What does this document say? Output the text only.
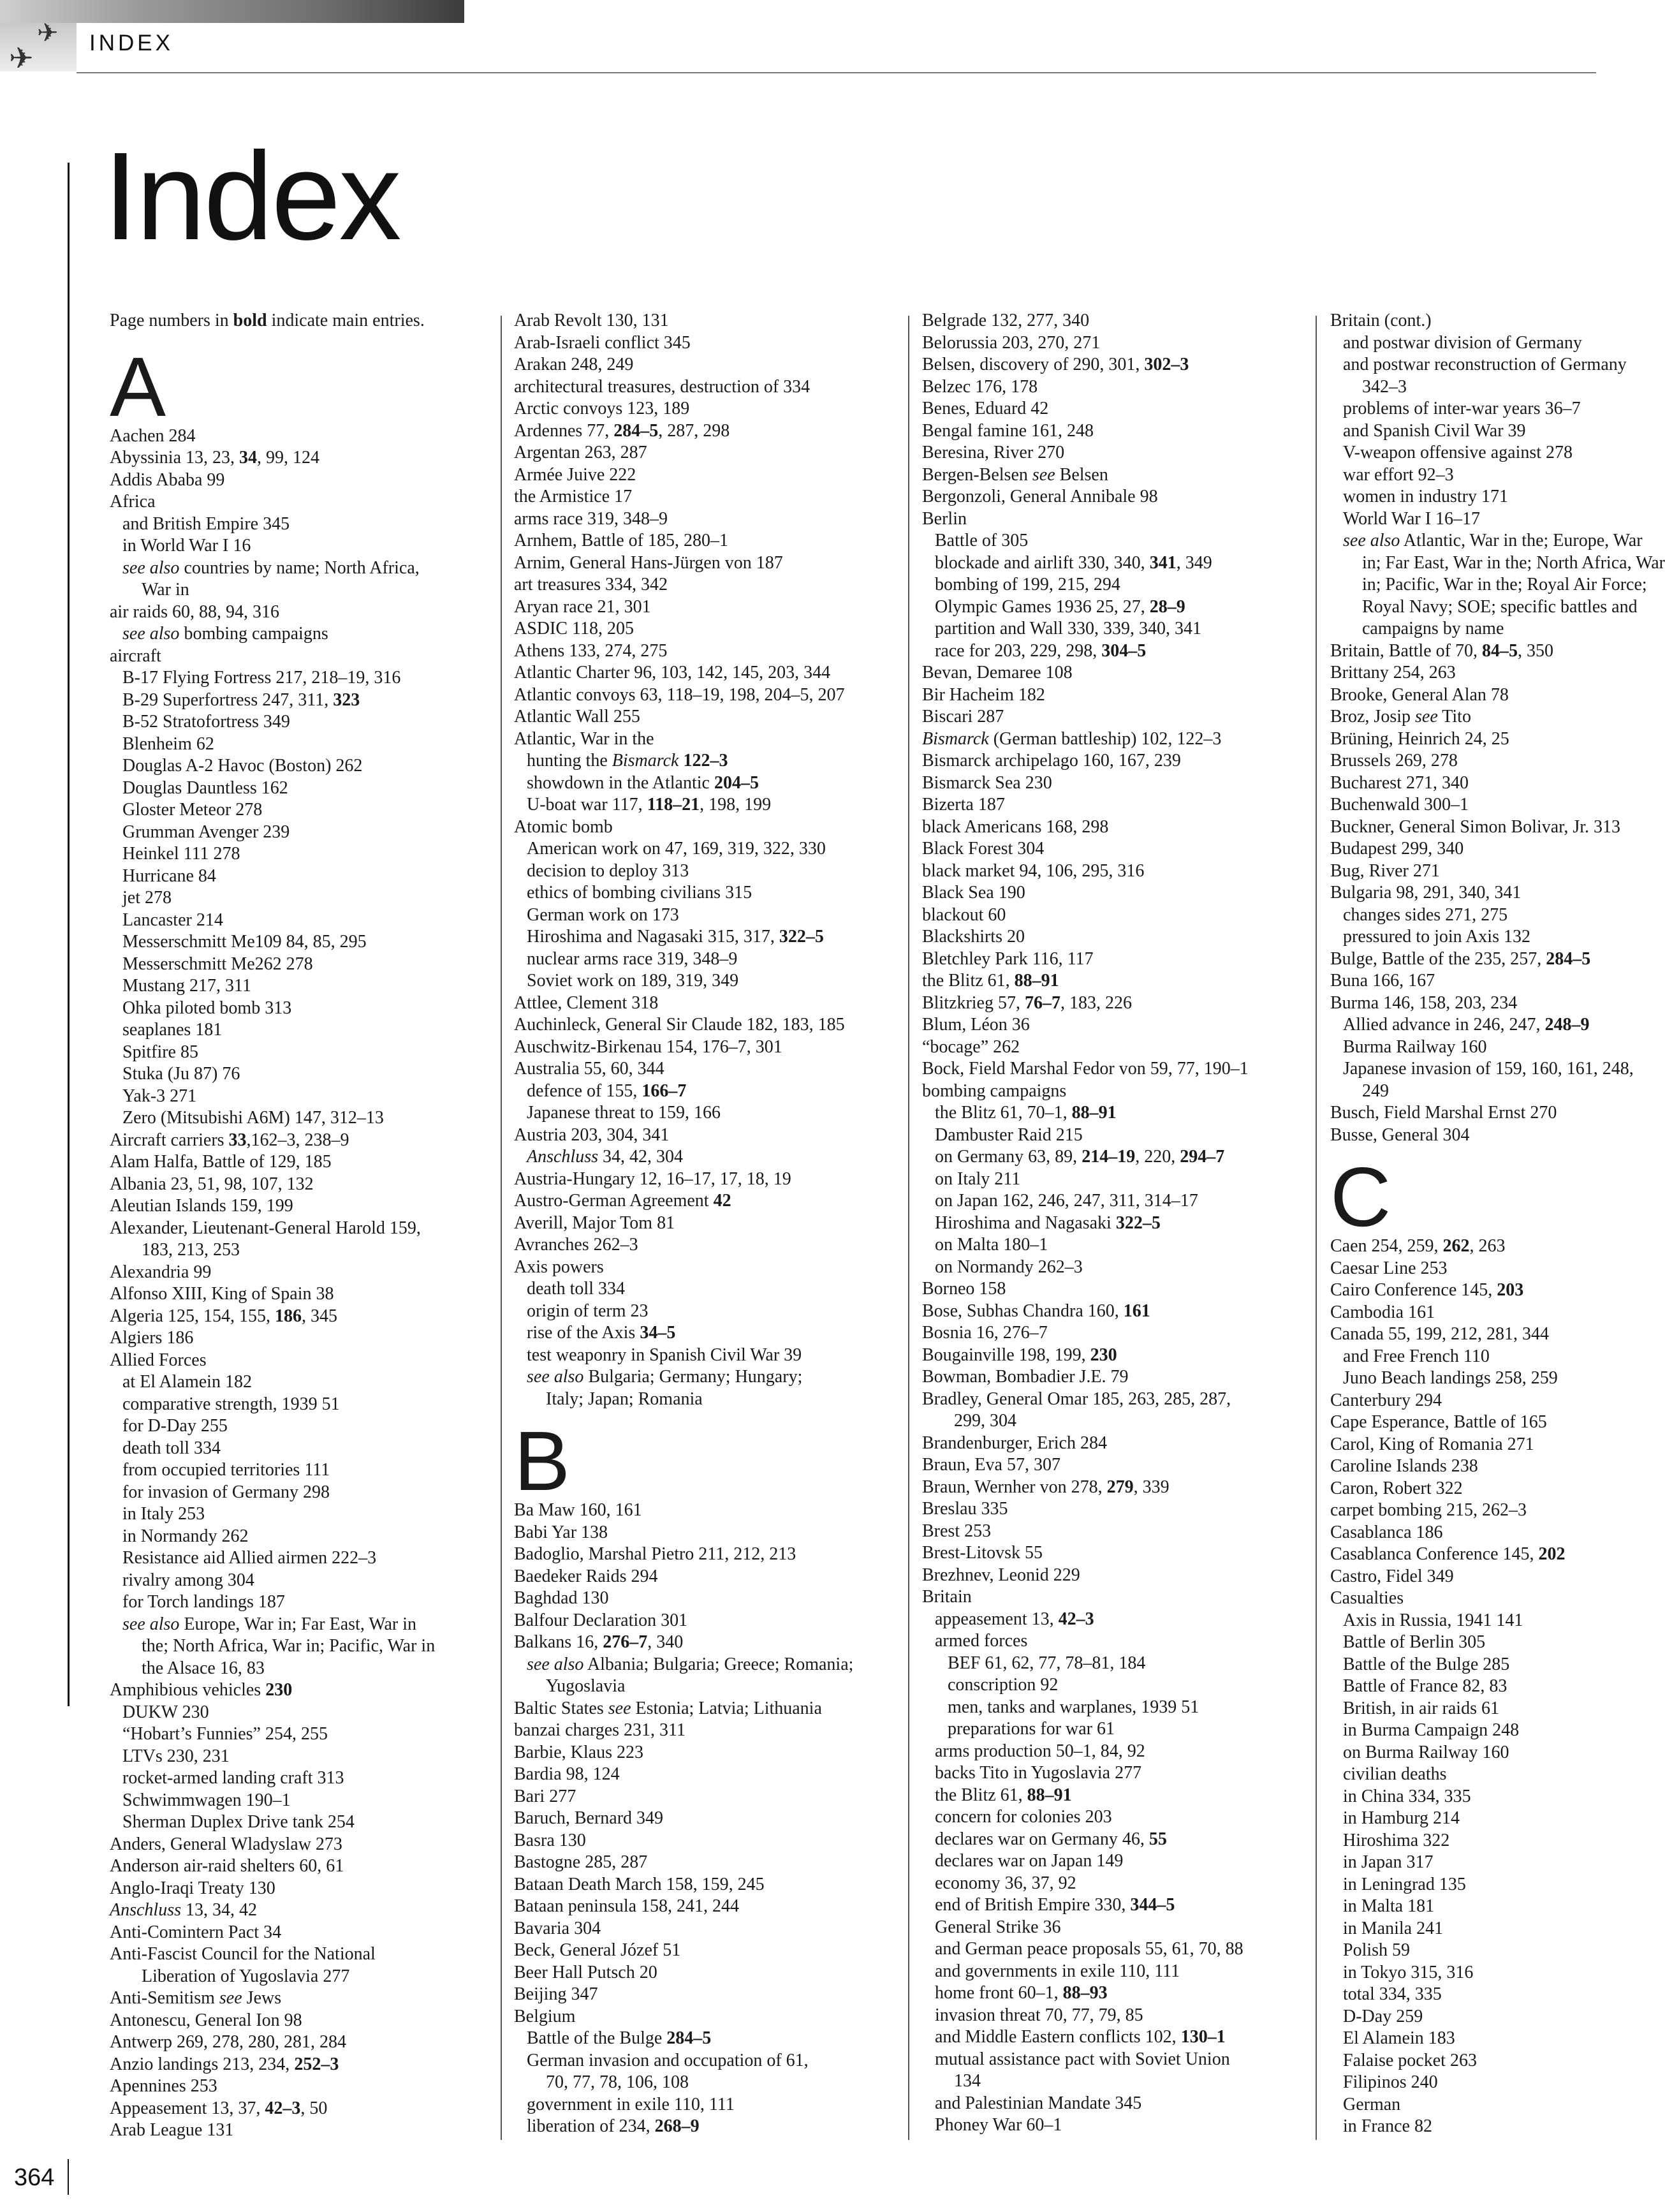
✈
✈ INDEX
Index
Page numbers in bold indicate main entries.
A
Aachen 284
Abyssinia 13, 23, 34, 99, 124
Addis Ababa 99
Africa
and British Empire 345
in World War I 16
see also countries by name; North Africa,
War in
air raids 60, 88, 94, 316
see also bombing campaigns
aircraft
B-17 Flying Fortress 217, 218–19, 316
B-29 Superfortress 247, 311, 323
B-52 Stratofortress 349
Blenheim 62
Douglas A-2 Havoc (Boston) 262
Douglas Dauntless 162
Gloster Meteor 278
Grumman Avenger 239
Heinkel 111 278
Hurricane 84
jet 278
Lancaster 214
Messerschmitt Me109 84, 85, 295
Messerschmitt Me262 278
Mustang 217, 311
Ohka piloted bomb 313
seaplanes 181
Spitfire 85
Stuka (Ju 87) 76
Yak-3 271
Zero (Mitsubishi A6M) 147, 312–13
Aircraft carriers 33,162–3, 238–9
Alam Halfa, Battle of 129, 185
Albania 23, 51, 98, 107, 132
Aleutian Islands 159, 199
Alexander, Lieutenant-General Harold 159,
183, 213, 253
Alexandria 99
Alfonso XIII, King of Spain 38
Algeria 125, 154, 155, 186, 345
Algiers 186
Allied Forces
at El Alamein 182
comparative strength, 1939 51
for D-Day 255
death toll 334
from occupied territories 111
for invasion of Germany 298
in Italy 253
in Normandy 262
Resistance aid Allied airmen 222–3
rivalry among 304
for Torch landings 187
see also Europe, War in; Far East, War in
the; North Africa, War in; Pacific, War in
the Alsace 16, 83
Amphibious vehicles 230
DUKW 230
“Hobart’s Funnies” 254, 255
LTVs 230, 231
rocket-armed landing craft 313
Schwimmwagen 190–1
Sherman Duplex Drive tank 254
Anders, General Wladyslaw 273
Anderson air-raid shelters 60, 61
Anglo-Iraqi Treaty 130
Anschluss 13, 34, 42
Anti-Comintern Pact 34
Anti-Fascist Council for the National
Liberation of Yugoslavia 277
Anti-Semitism see Jews
Antonescu, General Ion 98
Antwerp 269, 278, 280, 281, 284
Anzio landings 213, 234, 252–3
Apennines 253
Appeasement 13, 37, 42–3, 50
Arab League 131
Arab Revolt 130, 131
Arab-Israeli conflict 345
Arakan 248, 249
architectural treasures, destruction of 334
Arctic convoys 123, 189
Ardennes 77, 284–5, 287, 298
Argentan 263, 287
Armée Juive 222
the Armistice 17
arms race 319, 348–9
Arnhem, Battle of 185, 280–1
Arnim, General Hans-Jürgen von 187
art treasures 334, 342
Aryan race 21, 301
ASDIC 118, 205
Athens 133, 274, 275
Atlantic Charter 96, 103, 142, 145, 203, 344
Atlantic convoys 63, 118–19, 198, 204–5, 207
Atlantic Wall 255
Atlantic, War in the
hunting the Bismarck 122–3
showdown in the Atlantic 204–5
U-boat war 117, 118–21, 198, 199
Atomic bomb
American work on 47, 169, 319, 322, 330
decision to deploy 313
ethics of bombing civilians 315
German work on 173
Hiroshima and Nagasaki 315, 317, 322–5
nuclear arms race 319, 348–9
Soviet work on 189, 319, 349
Attlee, Clement 318
Auchinleck, General Sir Claude 182, 183, 185
Auschwitz-Birkenau 154, 176–7, 301
Australia 55, 60, 344
defence of 155, 166–7
Japanese threat to 159, 166
Austria 203, 304, 341
Anschluss 34, 42, 304
Austria-Hungary 12, 16–17, 17, 18, 19
Austro-German Agreement 42
Averill, Major Tom 81
Avranches 262–3
Axis powers
death toll 334
origin of term 23
rise of the Axis 34–5
test weaponry in Spanish Civil War 39
see also Bulgaria; Germany; Hungary;
Italy; Japan; Romania
B
Ba Maw 160, 161
Babi Yar 138
Badoglio, Marshal Pietro 211, 212, 213
Baedeker Raids 294
Baghdad 130
Balfour Declaration 301
Balkans 16, 276–7, 340
see also Albania; Bulgaria; Greece; Romania;
Yugoslavia
Baltic States see Estonia; Latvia; Lithuania
banzai charges 231, 311
Barbie, Klaus 223
Bardia 98, 124
Bari 277
Baruch, Bernard 349
Basra 130
Bastogne 285, 287
Bataan Death March 158, 159, 245
Bataan peninsula 158, 241, 244
Bavaria 304
Beck, General Józef 51
Beer Hall Putsch 20
Beijing 347
Belgium
Battle of the Bulge 284–5
German invasion and occupation of 61,
70, 77, 78, 106, 108
government in exile 110, 111
liberation of 234, 268–9
Belgrade 132, 277, 340
Belorussia 203, 270, 271
Belsen, discovery of 290, 301, 302–3
Belzec 176, 178
Benes, Eduard 42
Bengal famine 161, 248
Beresina, River 270
Bergen-Belsen see Belsen
Bergonzoli, General Annibale 98
Berlin
Battle of 305
blockade and airlift 330, 340, 341, 349
bombing of 199, 215, 294
Olympic Games 1936 25, 27, 28–9
partition and Wall 330, 339, 340, 341
race for 203, 229, 298, 304–5
Bevan, Demaree 108
Bir Hacheim 182
Biscari 287
Bismarck (German battleship) 102, 122–3
Bismarck archipelago 160, 167, 239
Bismarck Sea 230
Bizerta 187
black Americans 168, 298
Black Forest 304
black market 94, 106, 295, 316
Black Sea 190
blackout 60
Blackshirts 20
Bletchley Park 116, 117
the Blitz 61, 88–91
Blitzkrieg 57, 76–7, 183, 226
Blum, Léon 36
“bocage” 262
Bock, Field Marshal Fedor von 59, 77, 190–1
bombing campaigns
the Blitz 61, 70–1, 88–91
Dambuster Raid 215
on Germany 63, 89, 214–19, 220, 294–7
on Italy 211
on Japan 162, 246, 247, 311, 314–17
Hiroshima and Nagasaki 322–5
on Malta 180–1
on Normandy 262–3
Borneo 158
Bose, Subhas Chandra 160, 161
Bosnia 16, 276–7
Bougainville 198, 199, 230
Bowman, Bombadier J.E. 79
Bradley, General Omar 185, 263, 285, 287,
299, 304
Brandenburger, Erich 284
Braun, Eva 57, 307
Braun, Wernher von 278, 279, 339
Breslau 335
Brest 253
Brest-Litovsk 55
Brezhnev, Leonid 229
Britain
appeasement 13, 42–3
armed forces
BEF 61, 62, 77, 78–81, 184
conscription 92
men, tanks and warplanes, 1939 51
preparations for war 61
arms production 50–1, 84, 92
backs Tito in Yugoslavia 277
the Blitz 61, 88–91
concern for colonies 203
declares war on Germany 46, 55
declares war on Japan 149
economy 36, 37, 92
end of British Empire 330, 344–5
General Strike 36
and German peace proposals 55, 61, 70, 88
and governments in exile 110, 111
home front 60–1, 88–93
invasion threat 70, 77, 79, 85
and Middle Eastern conflicts 102, 130–1
mutual assistance pact with Soviet Union
134
and Palestinian Mandate 345
Phoney War 60–1
Britain (cont.)
and postwar division of Germany
and postwar reconstruction of Germany
342–3
problems of inter-war years 36–7
and Spanish Civil War 39
V-weapon offensive against 278
war effort 92–3
women in industry 171
World War I 16–17
see also Atlantic, War in the; Europe, War
in; Far East, War in the; North Africa, War
in; Pacific, War in the; Royal Air Force;
Royal Navy; SOE; specific battles and
campaigns by name
Britain, Battle of 70, 84–5, 350
Brittany 254, 263
Brooke, General Alan 78
Broz, Josip see Tito
Brüning, Heinrich 24, 25
Brussels 269, 278
Bucharest 271, 340
Buchenwald 300–1
Buckner, General Simon Bolivar, Jr. 313
Budapest 299, 340
Bug, River 271
Bulgaria 98, 291, 340, 341
changes sides 271, 275
pressured to join Axis 132
Bulge, Battle of the 235, 257, 284–5
Buna 166, 167
Burma 146, 158, 203, 234
Allied advance in 246, 247, 248–9
Burma Railway 160
Japanese invasion of 159, 160, 161, 248,
249
Busch, Field Marshal Ernst 270
Busse, General 304
C
Caen 254, 259, 262, 263
Caesar Line 253
Cairo Conference 145, 203
Cambodia 161
Canada 55, 199, 212, 281, 344
and Free French 110
Juno Beach landings 258, 259
Canterbury 294
Cape Esperance, Battle of 165
Carol, King of Romania 271
Caroline Islands 238
Caron, Robert 322
carpet bombing 215, 262–3
Casablanca 186
Casablanca Conference 145, 202
Castro, Fidel 349
Casualties
Axis in Russia, 1941 141
Battle of Berlin 305
Battle of the Bulge 285
Battle of France 82, 83
British, in air raids 61
in Burma Campaign 248
on Burma Railway 160
civilian deaths
in China 334, 335
in Hamburg 214
Hiroshima 322
in Japan 317
in Leningrad 135
in Malta 181
in Manila 241
Polish 59
in Tokyo 315, 316
total 334, 335
D-Day 259
El Alamein 183
Falaise pocket 263
Filipinos 240
German
in France 82
364
